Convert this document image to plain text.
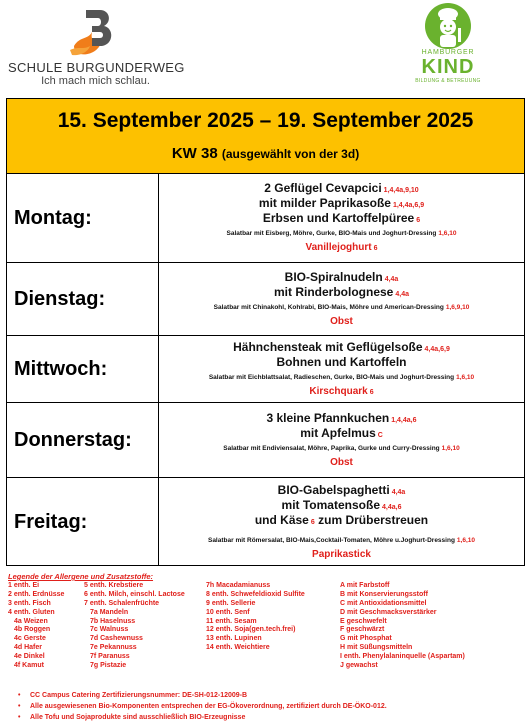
SCHULE BURGUNDERWEG
Ich mach mich schlau.
HAMBURGER
KIND
BILDUNG & BETREUUNG
15. September 2025 – 19. September 2025
KW 38 (ausgewählt von der 3d)
Montag:
2 Geflügel Cevapcici 1,4,4a,9,10
mit milder Paprikasoße 1,4,4a,6,9
Erbsen und Kartoffelpüree 6
Salatbar mit Eisberg, Möhre, Gurke, BIO-Mais und Joghurt-Dressing 1,6,10
Vanillejoghurt 6
Dienstag:
BIO-Spiralnudeln 4,4a
mit Rinderbolognese 4,4a
Salatbar mit Chinakohl, Kohlrabi, BIO-Mais, Möhre und American-Dressing 1,6,9,10
Obst
Mittwoch:
Hähnchensteak mit Geflügelsoße 4,4a,6,9
Bohnen und Kartoffeln
Salatbar mit Eichblattsalat, Radieschen, Gurke, BIO-Mais und Joghurt-Dressing 1,6,10
Kirschquark 6
Donnerstag:
3 kleine Pfannkuchen 1,4,4a,6
mit Apfelmus C
Salatbar mit Endiviensalat, Möhre, Paprika, Gurke und Curry-Dressing 1,6,10
Obst
Freitag:
BIO-Gabelspaghetti 4,4a
mit Tomatensoße 4,4a,6
und Käse 6 zum Drüberstreuen
Salatbar mit Römersalat, BIO-Mais,Cocktail-Tomaten, Möhre u.Joghurt-Dressing 1,6,10
Paprikastick
Legende der Allergene und Zusatzstoffe:
1 enth. Ei
2 enth. Erdnüsse
3 enth. Fisch
4 enth. Gluten
4a Weizen
4b Roggen
4c Gerste
4d Hafer
4e Dinkel
4f Kamut
5 enth. Krebstiere
6 enth. Milch, einschl. Lactose
7 enth. Schalenfrüchte
7a Mandeln
7b Haselnuss
7c Walnuss
7d Cashewnuss
7e Pekannuss
7f Paranuss
7g Pistazie
7h Macadamianuss
8 enth. Schwefeldioxid Sulfite
9 enth. Sellerie
10 enth. Senf
11 enth. Sesam
12 enth. Soja(gen.tech.frei)
13 enth. Lupinen
14 enth. Weichtiere
A mit Farbstoff
B mit Konservierungsstoff
C mit Antioxidationsmittel
D mit Geschmacksverstärker
E geschwefelt
F geschwärzt
G mit Phosphat
H mit Süßungsmitteln
I enth. Phenylalaninquelle (Aspartam)
J gewachst
• CC Campus Catering Zertifizierungsnummer: DE-SH-012-12009-B
• Alle ausgewiesenen Bio-Komponenten entsprechen der EG-Ökoverordnung, zertifiziert durch DE-ÖKO-012.
• Alle Tofu und Sojaprodukte sind ausschließlich BIO-Erzeugnisse
